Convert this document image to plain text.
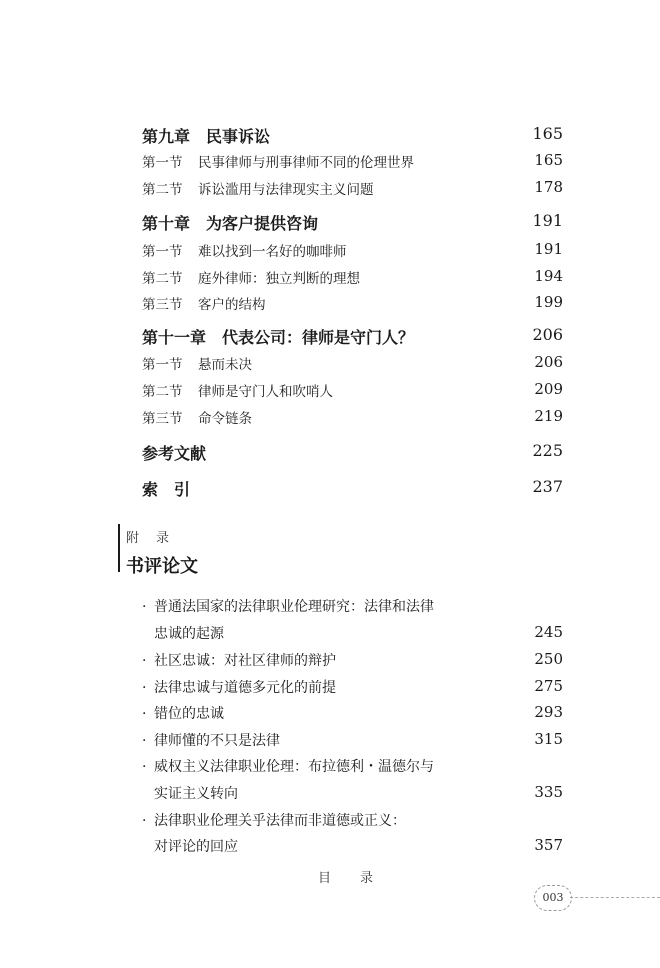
第九章　民事诉讼	165
第一节 民事律师与刑事律师不同的伦理世界	165
第二节 诉讼滥用与法律现实主义问题	178
第十章　为客户提供咨询	191
第一节 难以找到一名好的咖啡师	191
第二节 庭外律师：独立判断的理想	194
第三节 客户的结构	199
第十一章　代表公司：律师是守门人？	206
第一节 悬而未决	206
第二节 律师是守门人和吹哨人	209
第三节 命令链条	219
参考文献	225
索　引	237
· 普通法国家的法律职业伦理研究：法律和法律
忠诚的起源	245
· 社区忠诚：对社区律师的辩护	250
· 法律忠诚与道德多元化的前提	275
· 错位的忠诚	293
· 律师懂的不只是法律	315
· 威权主义法律职业伦理：布拉德利・温德尔与
实证主义转向	335
· 法律职业伦理关乎法律而非道德或正义：
对评论的回应	357
附　录
书评论文
目　录
003
